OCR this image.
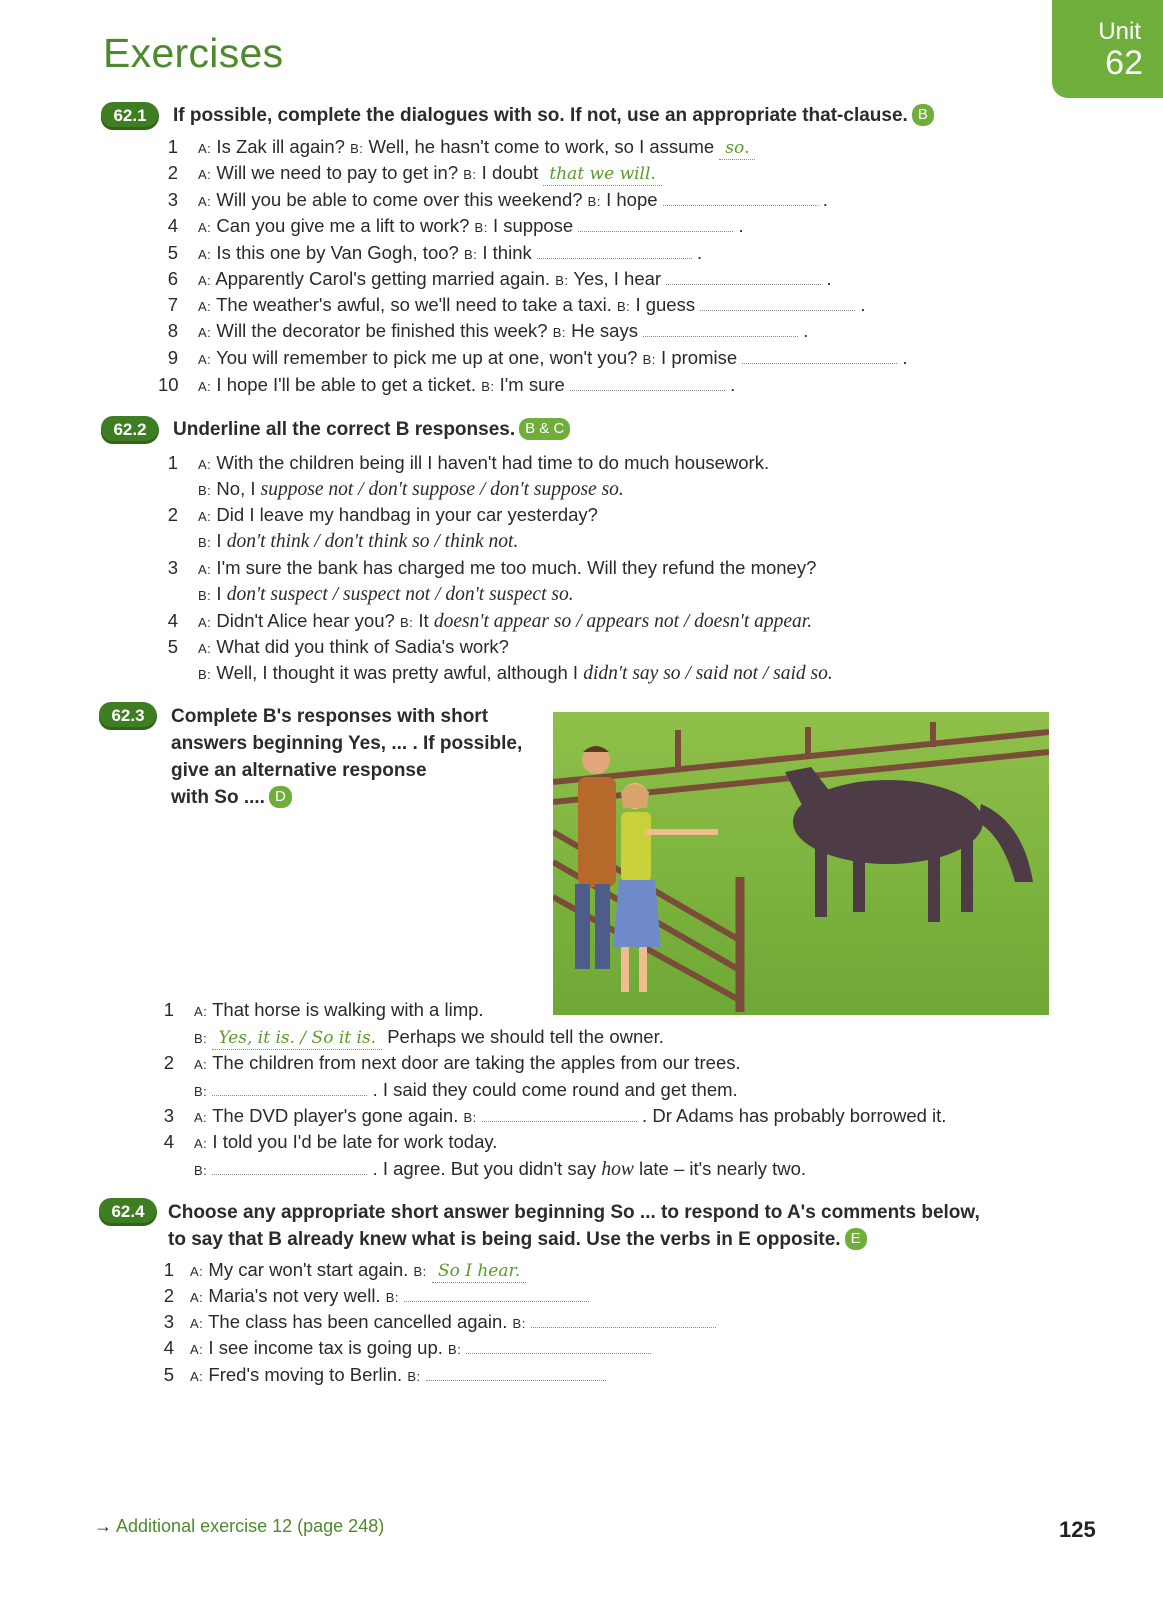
Exercises	Unit
62
62.1	If possible, complete the dialogues with so. If not, use an appropriate that-clause. B
1 A: Is Zak ill again? B: Well, he hasn't come to work, so I assume so.
2 A: Will we need to pay to get in? B: I doubt that we will.
3 A: Will you be able to come over this weekend? B: I hope	.
4 A: Can you give me a lift to work? B: I suppose	.
5 A: Is this one by Van Gogh, too? B: I think	.
6 A: Apparently Carol's getting married again. B: Yes, I hear	.
7 A: The weather's awful, so we'll need to take a taxi. B: I guess	.
8 A: Will the decorator be finished this week? B: He says	.
9 A: You will remember to pick me up at one, won't you? B: I promise	.
10 A: I hope I'll be able to get a ticket. B: I'm sure	.
62.2	Underline all the correct B responses. B & C
1 A: With the children being ill I haven't had time to do much housework.
B: No, I suppose not / don't suppose / don't suppose so.
2 A: Did I leave my handbag in your car yesterday?
B: I don't think / don't think so / think not.
3 A: I'm sure the bank has charged me too much. Will they refund the money?
B: I don't suspect / suspect not / don't suspect so.
4 A: Didn't Alice hear you? B: It doesn't appear so / appears not / doesn't appear.
5 A: What did you think of Sadia's work?
B: Well, I thought it was pretty awful, although I didn't say so / said not / said so.
62.3	Complete B's responses with short
answers beginning Yes, ... . If possible,
give an alternative response
with So .... D
1 A: That horse is walking with a limp.
B: Yes, it is. / So it is. Perhaps we should tell the owner.
2 A: The children from next door are taking the apples from our trees.
B:	. I said they could come round and get them.
3 A: The DVD player's gone again. B:	. Dr Adams has probably borrowed it.
4 A: I told you I'd be late for work today.
B:	. I agree. But you didn't say how late – it's nearly two.
62.4	Choose any appropriate short answer beginning So ... to respond to A's comments below,
to say that B already knew what is being said. Use the verbs in E opposite. E
1 A: My car won't start again. B: So I hear.
2 A: Maria's not very well. B:
3 A: The class has been cancelled again. B:
4 A: I see income tax is going up. B:
5 A: Fred's moving to Berlin. B:
→ Additional exercise 12 (page 248)	125
